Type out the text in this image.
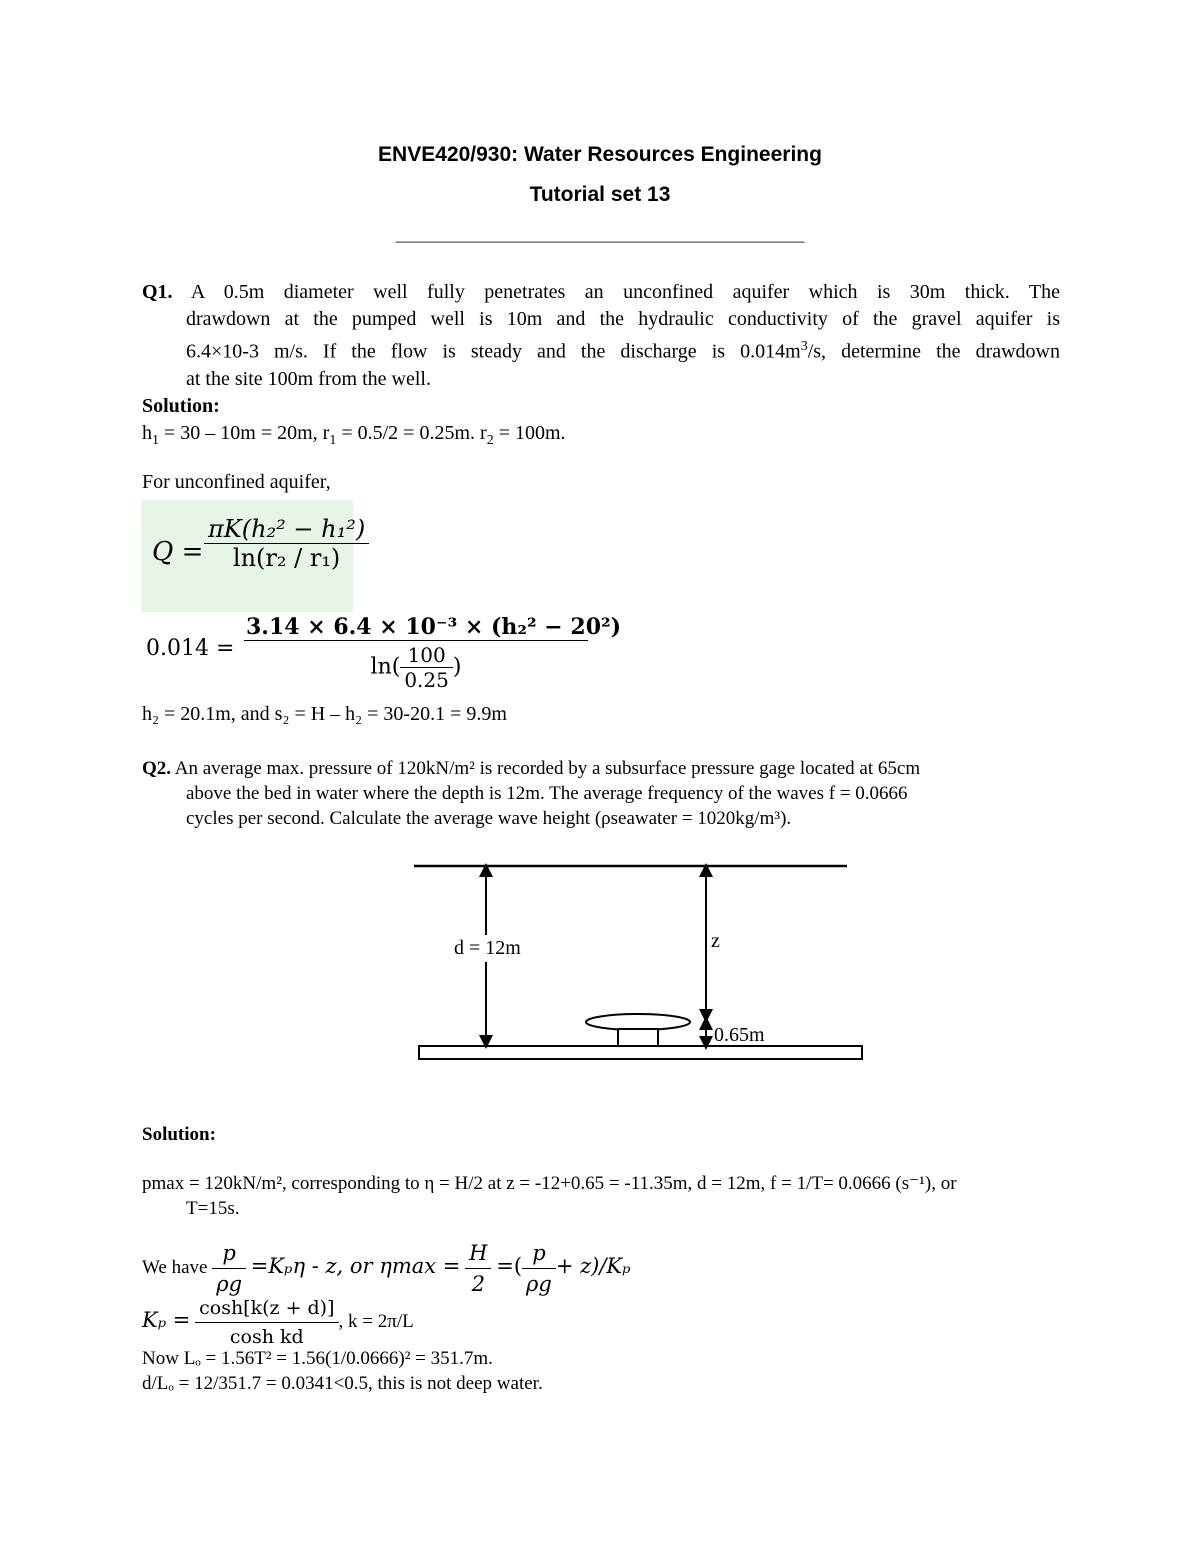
ENVE420/930: Water Resources Engineering
Tutorial set 13
___________________________________
Q1. A 0.5m diameter well fully penetrates an unconfined aquifer which is 30m thick. The
drawdown at the pumped well is 10m and the hydraulic conductivity of the gravel aquifer is
6.4×10-3 m/s. If the flow is steady and the discharge is $0.014m^3/s$, determine the drawdown
at the site 100m from the well.
Solution:
$h_1 = 30 - 10m = 20m$, $r_1 = 0.5/2 = 0.25m$. $r_2 = 100m$.
For unconfined aquifer,
$Q = \frac{\text{πK(h₂² − h₁²)}}{\text{ln(r₂ / r₁)}}$
$0.014 = \frac{\text{3.14 × 6.4 × 10⁻³ × (h₂² − 20²)}}{\ln( \frac{100}{0.25} )}$
h₂ = 20.1m, and s₂ = H – h₂ = 30-20.1 = 9.9m
Q2. An average max. pressure of 120kN/m² is recorded by a subsurface pressure gage located at 65cm
above the bed in water where the depth is 12m. The average frequency of the waves f = 0.0666
cycles per second. Calculate the average wave height (ρseawater = 1020kg/m³).
d = 12m	z
0.65m
Solution:
pmax = 120kN/m², corresponding to η = H/2 at z = -12+0.65 = -11.35m, d = 12m, f = 1/T= 0.0666 (s⁻¹), or
T=15s.
We have $\frac{p}{\rho g} =K_p\eta - z$, or $\eta\max = \frac{H}{2}$ =( $\frac{p}{\rho g} + z)/K_p$
$K_p = \frac{\cosh[k(z + d)]}{\text{cosh kd}}$ , k = 2π/L
Now Lₒ = 1.56T² = 1.56(1/0.0666)² = 351.7m.
d/Lₒ = 12/351.7 = 0.0341<0.5, this is not deep water.
